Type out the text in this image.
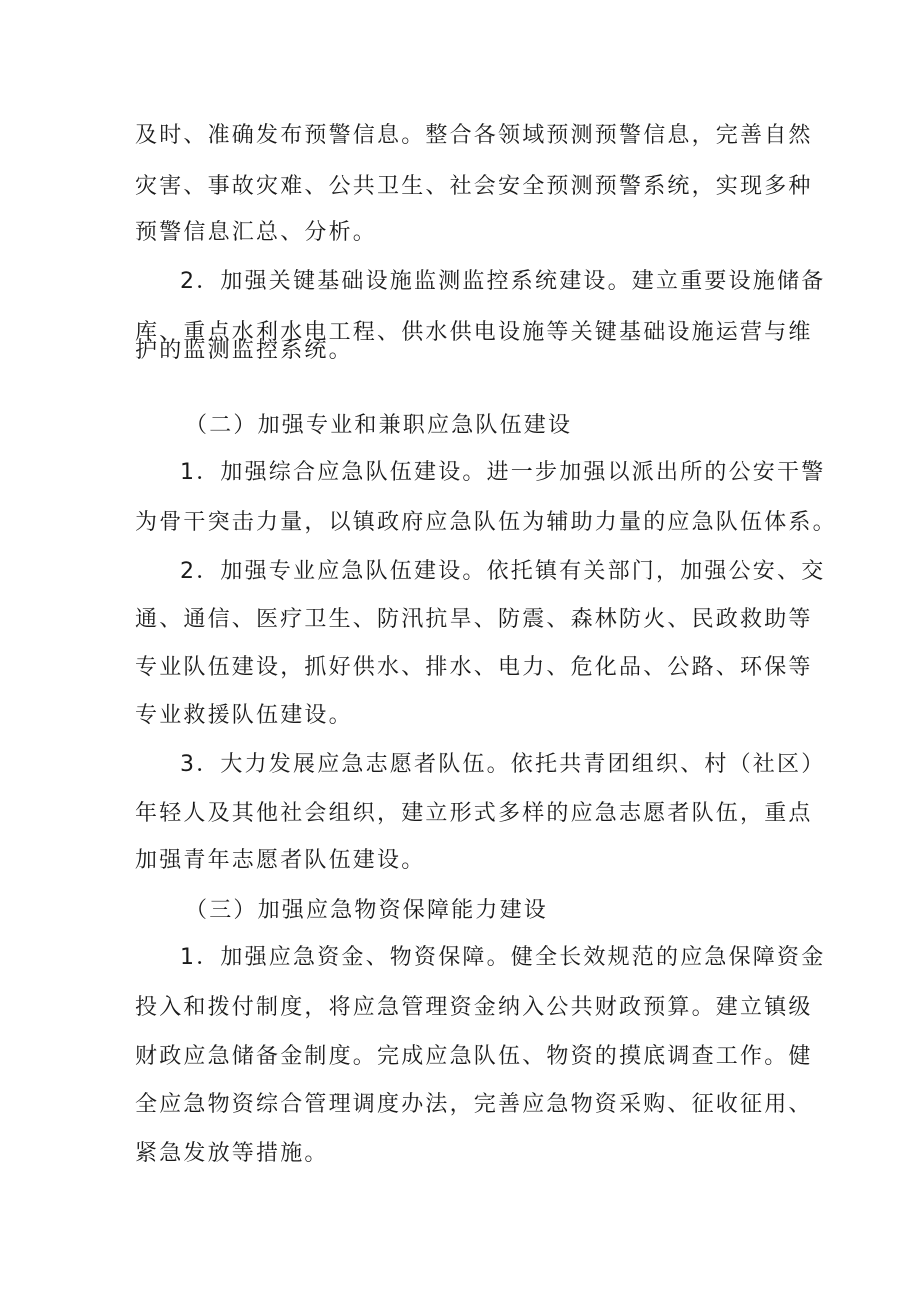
及时、准确发布预警信息。整合各领域预测预警信息，完善自然
灾害、事故灾难、公共卫生、社会安全预测预警系统，实现多种
预警信息汇总、分析。
2．加强关键基础设施监测监控系统建设。建立重要设施储备
库、重点水利水电工程、供水供电设施等关键基础设施运营与维
护的监测监控系统。
（二）加强专业和兼职应急队伍建设
1．加强综合应急队伍建设。进一步加强以派出所的公安干警
为骨干突击力量，以镇政府应急队伍为辅助力量的应急队伍体系。
2．加强专业应急队伍建设。依托镇有关部门，加强公安、交
通、通信、医疗卫生、防汛抗旱、防震、森林防火、民政救助等
专业队伍建设，抓好供水、排水、电力、危化品、公路、环保等
专业救援队伍建设。
3．大力发展应急志愿者队伍。依托共青团组织、村（社区）
年轻人及其他社会组织，建立形式多样的应急志愿者队伍，重点
加强青年志愿者队伍建设。
（三）加强应急物资保障能力建设
1．加强应急资金、物资保障。健全长效规范的应急保障资金
投入和拨付制度，将应急管理资金纳入公共财政预算。建立镇级
财政应急储备金制度。完成应急队伍、物资的摸底调查工作。健
全应急物资综合管理调度办法，完善应急物资采购、征收征用、
紧急发放等措施。
